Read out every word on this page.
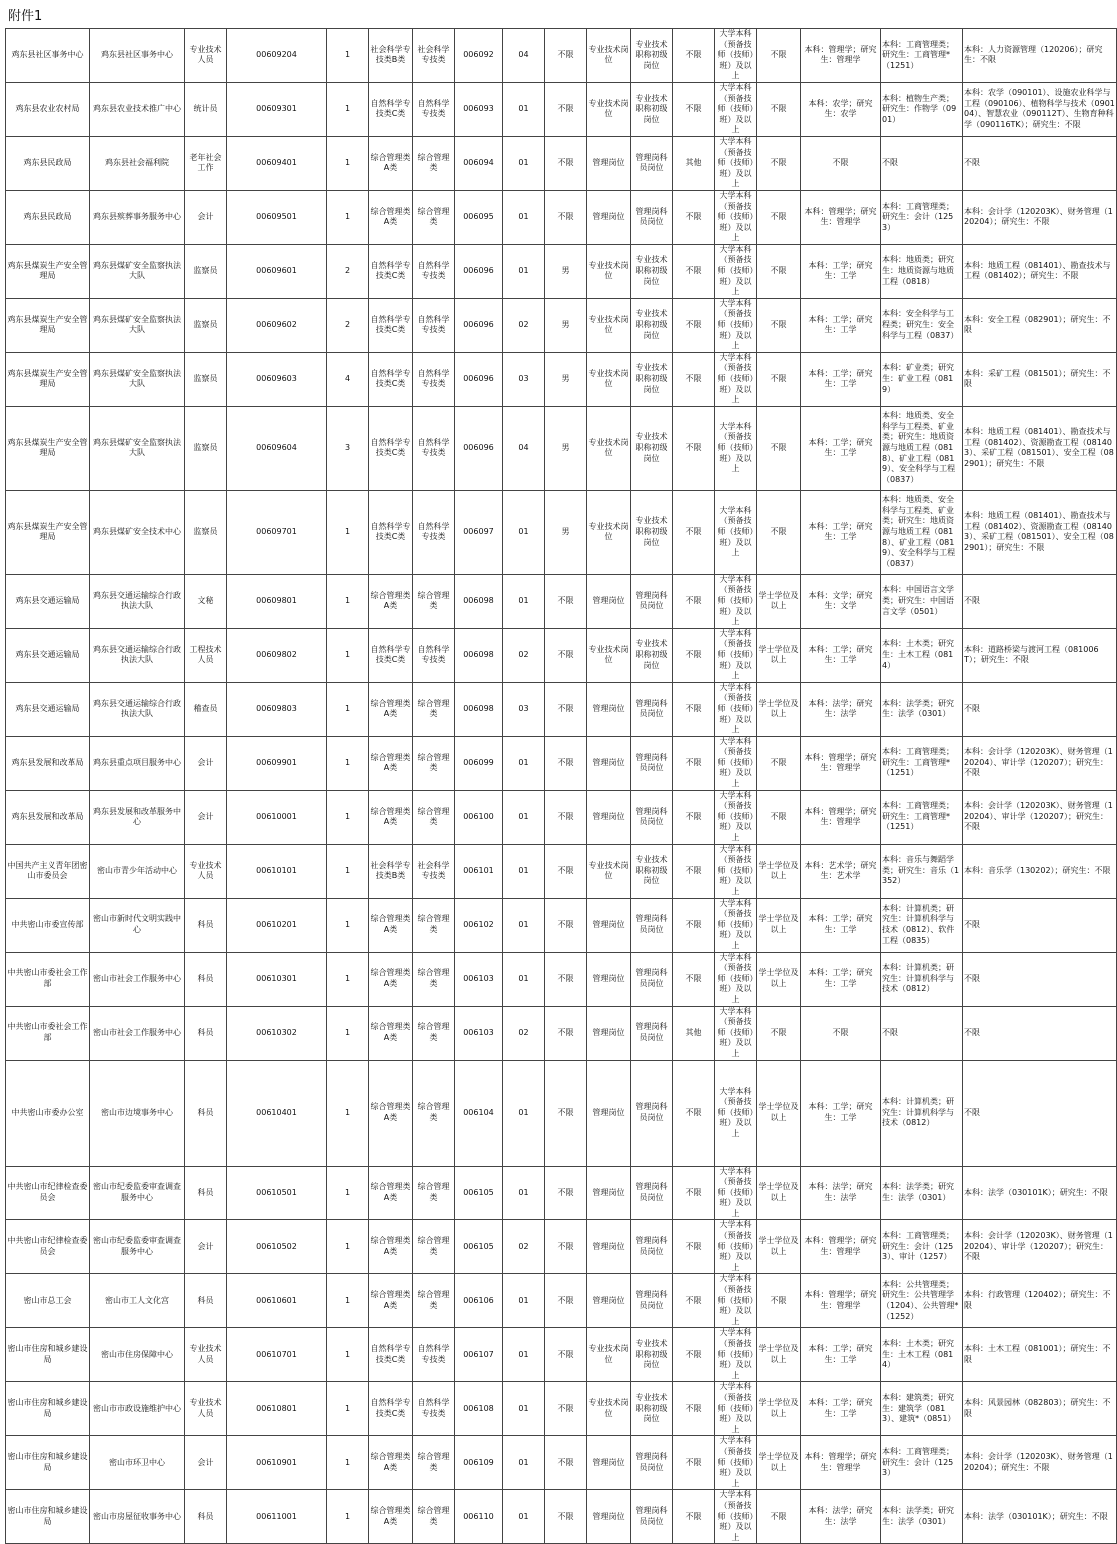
附件1
鸡东县社区事务中心	鸡东县社区事务中心	专业技术人员	00609204	1	社会科学专技类B类	社会科学专技类	006092	04	不限	专业技术岗位	专业技术职称初级岗位	不限	大学本科（预备技师（技师）班）及以上	不限	本科：管理学；研究生：管理学	本科：工商管理类；研究生：工商管理*（1251）	本科：人力资源管理（120206）；研究生：不限
鸡东县农业农村局	鸡东县农业技术推广中心	统计员	00609301	1	自然科学专技类C类	自然科学专技类	006093	01	不限	专业技术岗位	专业技术职称初级岗位	不限	大学本科（预备技师（技师）班）及以上	不限	本科：农学；研究生：农学	本科：植物生产类；研究生：作物学（0901）	本科：农学（090101）、设施农业科学与工程（090106）、植物科学与技术（090104）、智慧农业（090112T）、生物育种科学（090116TK）；研究生：不限
鸡东县民政局	鸡东县社会福利院	老年社会工作	00609401	1	综合管理类A类	综合管理类	006094	01	不限	管理岗位	管理岗科员岗位	其他	大学本科（预备技师（技师）班）及以上	不限	不限	不限	不限
鸡东县民政局	鸡东县殡葬事务服务中心	会计	00609501	1	综合管理类A类	综合管理类	006095	01	不限	管理岗位	管理岗科员岗位	不限	大学本科（预备技师（技师）班）及以上	不限	本科：管理学；研究生：管理学	本科：工商管理类；研究生：会计（1253）	本科：会计学（120203K）、财务管理（120204）；研究生：不限
鸡东县煤炭生产安全管理局	鸡东县煤矿安全监察执法大队	监察员	00609601	2	自然科学专技类C类	自然科学专技类	006096	01	男	专业技术岗位	专业技术职称初级岗位	不限	大学本科（预备技师（技师）班）及以上	不限	本科：工学；研究生：工学	本科：地质类；研究生：地质资源与地质工程（0818）	本科：地质工程（081401）、勘查技术与工程（081402）；研究生：不限
鸡东县煤炭生产安全管理局	鸡东县煤矿安全监察执法大队	监察员	00609602	2	自然科学专技类C类	自然科学专技类	006096	02	男	专业技术岗位	专业技术职称初级岗位	不限	大学本科（预备技师（技师）班）及以上	不限	本科：工学；研究生：工学	本科：安全科学与工程类；研究生：安全科学与工程（0837）	本科：安全工程（082901）；研究生：不限
鸡东县煤炭生产安全管理局	鸡东县煤矿安全监察执法大队	监察员	00609603	4	自然科学专技类C类	自然科学专技类	006096	03	男	专业技术岗位	专业技术职称初级岗位	不限	大学本科（预备技师（技师）班）及以上	不限	本科：工学；研究生：工学	本科：矿业类；研究生：矿业工程（0819）	本科：采矿工程（081501）；研究生：不限
鸡东县煤炭生产安全管理局	鸡东县煤矿安全监察执法大队	监察员	00609604	3	自然科学专技类C类	自然科学专技类	006096	04	男	专业技术岗位	专业技术职称初级岗位	不限	大学本科（预备技师（技师）班）及以上	不限	本科：工学；研究生：工学	本科：地质类、安全科学与工程类、矿业类；研究生：地质资源与地质工程（0818）、矿业工程（0819）、安全科学与工程（0837）	本科：地质工程（081401）、勘查技术与工程（081402）、资源勘查工程（081403）、采矿工程（081501）、安全工程（082901）；研究生：不限
鸡东县煤炭生产安全管理局	鸡东县煤矿安全技术中心	监察员	00609701	1	自然科学专技类C类	自然科学专技类	006097	01	男	专业技术岗位	专业技术职称初级岗位	不限	大学本科（预备技师（技师）班）及以上	不限	本科：工学；研究生：工学	本科：地质类、安全科学与工程类、矿业类；研究生：地质资源与地质工程（0818）、矿业工程（0819）、安全科学与工程（0837）	本科：地质工程（081401）、勘查技术与工程（081402）、资源勘查工程（081403）、采矿工程（081501）、安全工程（082901）；研究生：不限
鸡东县交通运输局	鸡东县交通运输综合行政执法大队	文秘	00609801	1	综合管理类A类	综合管理类	006098	01	不限	管理岗位	管理岗科员岗位	不限	大学本科（预备技师（技师）班）及以上	学士学位及以上	本科：文学；研究生：文学	本科：中国语言文学类；研究生：中国语言文学（0501）	不限
鸡东县交通运输局	鸡东县交通运输综合行政执法大队	工程技术人员	00609802	1	自然科学专技类C类	自然科学专技类	006098	02	不限	专业技术岗位	专业技术职称初级岗位	不限	大学本科（预备技师（技师）班）及以上	学士学位及以上	本科：工学；研究生：工学	本科：土木类；研究生：土木工程（0814）	本科：道路桥梁与渡河工程（081006T）；研究生：不限
鸡东县交通运输局	鸡东县交通运输综合行政执法大队	稽查员	00609803	1	综合管理类A类	综合管理类	006098	03	不限	管理岗位	管理岗科员岗位	不限	大学本科（预备技师（技师）班）及以上	学士学位及以上	本科：法学；研究生：法学	本科：法学类；研究生：法学（0301）	不限
鸡东县发展和改革局	鸡东县重点项目服务中心	会计	00609901	1	综合管理类A类	综合管理类	006099	01	不限	管理岗位	管理岗科员岗位	不限	大学本科（预备技师（技师）班）及以上	不限	本科：管理学；研究生：管理学	本科：工商管理类；研究生：工商管理*（1251）	本科：会计学（120203K）、财务管理（120204）、审计学（120207）；研究生：不限
鸡东县发展和改革局	鸡东县发展和改革服务中心	会计	00610001	1	综合管理类A类	综合管理类	006100	01	不限	管理岗位	管理岗科员岗位	不限	大学本科（预备技师（技师）班）及以上	不限	本科：管理学；研究生：管理学	本科：工商管理类；研究生：工商管理*（1251）	本科：会计学（120203K）、财务管理（120204）、审计学（120207）；研究生：不限
中国共产主义青年团密山市委员会	密山市青少年活动中心	专业技术人员	00610101	1	社会科学专技类B类	社会科学专技类	006101	01	不限	专业技术岗位	专业技术职称初级岗位	不限	大学本科（预备技师（技师）班）及以上	学士学位及以上	本科：艺术学；研究生：艺术学	本科：音乐与舞蹈学类；研究生：音乐（1352）	本科：音乐学（130202）；研究生：不限
中共密山市委宣传部	密山市新时代文明实践中心	科员	00610201	1	综合管理类A类	综合管理类	006102	01	不限	管理岗位	管理岗科员岗位	不限	大学本科（预备技师（技师）班）及以上	学士学位及以上	本科：工学；研究生：工学	本科：计算机类；研究生：计算机科学与技术（0812）、软件工程（0835）	不限
中共密山市委社会工作部	密山市社会工作服务中心	科员	00610301	1	综合管理类A类	综合管理类	006103	01	不限	管理岗位	管理岗科员岗位	不限	大学本科（预备技师（技师）班）及以上	学士学位及以上	本科：工学；研究生：工学	本科：计算机类；研究生：计算机科学与技术（0812）	不限
中共密山市委社会工作部	密山市社会工作服务中心	科员	00610302	1	综合管理类A类	综合管理类	006103	02	不限	管理岗位	管理岗科员岗位	其他	大学本科（预备技师（技师）班）及以上	不限	不限	不限	不限
中共密山市委办公室	密山市边境事务中心	科员	00610401	1	综合管理类A类	综合管理类	006104	01	不限	管理岗位	管理岗科员岗位	不限	大学本科（预备技师（技师）班）及以上	学士学位及以上	本科：工学；研究生：工学	本科：计算机类；研究生：计算机科学与技术（0812）	不限
中共密山市纪律检查委员会	密山市纪委监委审查调查服务中心	科员	00610501	1	综合管理类A类	综合管理类	006105	01	不限	管理岗位	管理岗科员岗位	不限	大学本科（预备技师（技师）班）及以上	学士学位及以上	本科：法学；研究生：法学	本科：法学类；研究生：法学（0301）	本科：法学（030101K）；研究生：不限
中共密山市纪律检查委员会	密山市纪委监委审查调查服务中心	会计	00610502	1	综合管理类A类	综合管理类	006105	02	不限	管理岗位	管理岗科员岗位	不限	大学本科（预备技师（技师）班）及以上	学士学位及以上	本科：管理学；研究生：管理学	本科：工商管理类；研究生：会计（1253）、审计（1257）	本科：会计学（120203K）、财务管理（120204）、审计学（120207）；研究生：不限
密山市总工会	密山市工人文化宫	科员	00610601	1	综合管理类A类	综合管理类	006106	01	不限	管理岗位	管理岗科员岗位	不限	大学本科（预备技师（技师）班）及以上	不限	本科：管理学；研究生：管理学	本科：公共管理类；研究生：公共管理学（1204）、公共管理*（1252）	本科：行政管理（120402）；研究生：不限
密山市住房和城乡建设局	密山市住房保障中心	专业技术人员	00610701	1	自然科学专技类C类	自然科学专技类	006107	01	不限	专业技术岗位	专业技术职称初级岗位	不限	大学本科（预备技师（技师）班）及以上	学士学位及以上	本科：工学；研究生：工学	本科：土木类；研究生：土木工程（0814）	本科：土木工程（081001）；研究生：不限
密山市住房和城乡建设局	密山市市政设施维护中心	专业技术人员	00610801	1	自然科学专技类C类	自然科学专技类	006108	01	不限	专业技术岗位	专业技术职称初级岗位	不限	大学本科（预备技师（技师）班）及以上	学士学位及以上	本科：工学；研究生：工学	本科：建筑类；研究生：建筑学（0813）、建筑*（0851）	本科：风景园林（082803）；研究生：不限
密山市住房和城乡建设局	密山市环卫中心	会计	00610901	1	综合管理类A类	综合管理类	006109	01	不限	管理岗位	管理岗科员岗位	不限	大学本科（预备技师（技师）班）及以上	学士学位及以上	本科：管理学；研究生：管理学	本科：工商管理类；研究生：会计（1253）	本科：会计学（120203K）、财务管理（120204）；研究生：不限
密山市住房和城乡建设局	密山市房屋征收事务中心	科员	00611001	1	综合管理类A类	综合管理类	006110	01	不限	管理岗位	管理岗科员岗位	不限	大学本科（预备技师（技师）班）及以上	不限	本科：法学；研究生：法学	本科：法学类；研究生：法学（0301）	本科：法学（030101K）；研究生：不限
